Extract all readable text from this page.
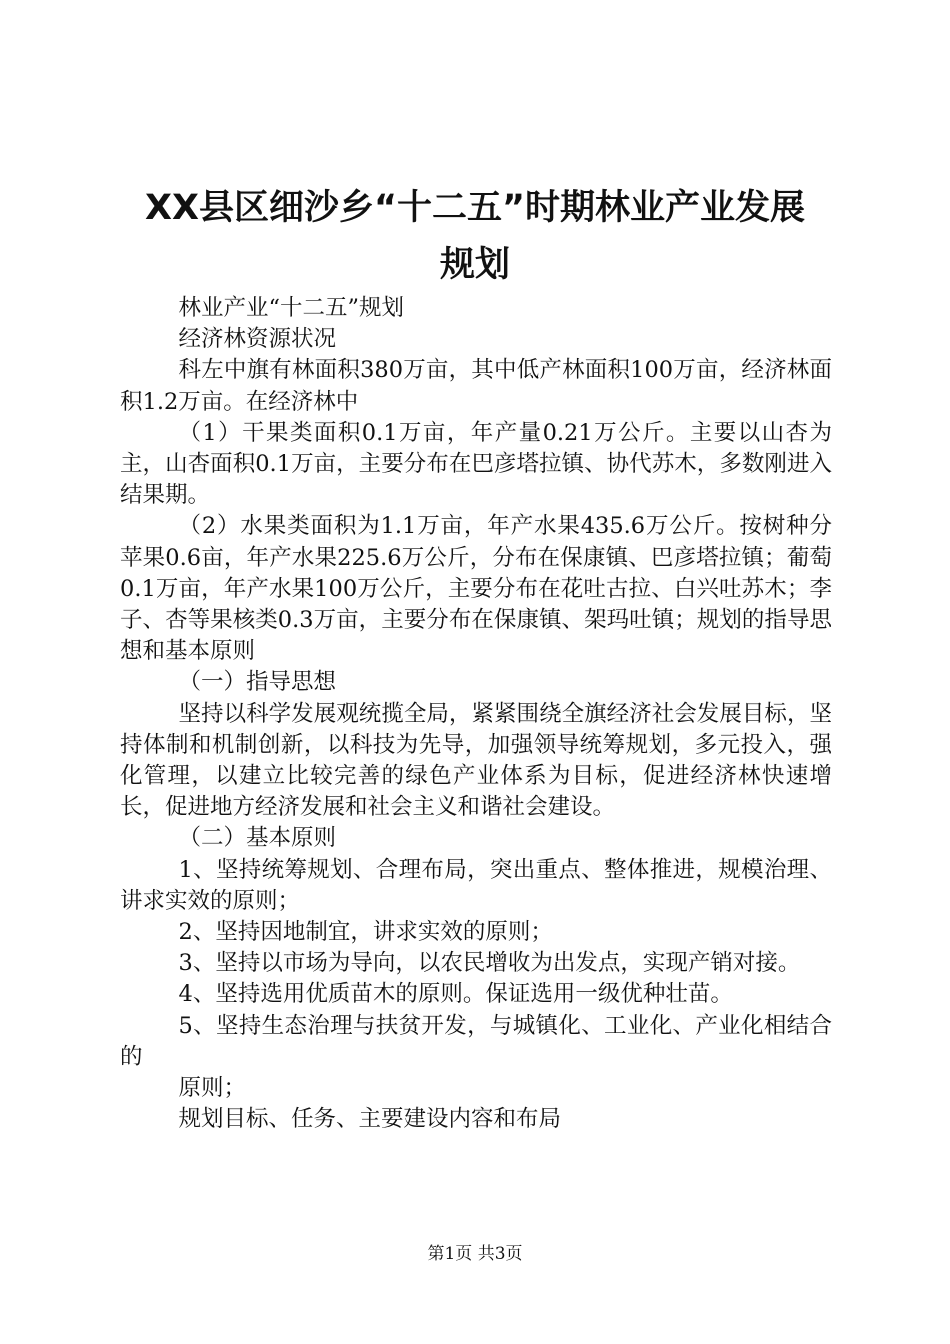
XX县区细沙乡“十二五”时期林业产业发展
规划

林业产业“十二五”规划

经济林资源状况

科左中旗有林面积380万亩，其中低产林面积100万亩，经济林面积1.2万亩。在经济林中

（1）干果类面积0.1万亩，年产量0.21万公斤。主要以山杏为主，山杏面积0.1万亩，主要分布在巴彦塔拉镇、协代苏木，多数刚进入结果期。

（2）水果类面积为1.1万亩，年产水果435.6万公斤。按树种分苹果0.6亩，年产水果225.6万公斤，分布在保康镇、巴彦塔拉镇；葡萄0.1万亩，年产水果100万公斤，主要分布在花吐古拉、白兴吐苏木；李子、杏等果核类0.3万亩，主要分布在保康镇、架玛吐镇；规划的指导思想和基本原则

（一）指导思想

坚持以科学发展观统揽全局，紧紧围绕全旗经济社会发展目标，坚持体制和机制创新，以科技为先导，加强领导统筹规划，多元投入，强化管理，以建立比较完善的绿色产业体系为目标，促进经济林快速增长，促进地方经济发展和社会主义和谐社会建设。

（二）基本原则

1、坚持统筹规划、合理布局，突出重点、整体推进，规模治理、讲求实效的原则；

2、坚持因地制宜，讲求实效的原则；

3、坚持以市场为导向，以农民增收为出发点，实现产销对接。

4、坚持选用优质苗木的原则。保证选用一级优种壮苗。

5、坚持生态治理与扶贫开发，与城镇化、工业化、产业化相结合的

原则；

规划目标、任务、主要建设内容和布局

第1页 共3页
